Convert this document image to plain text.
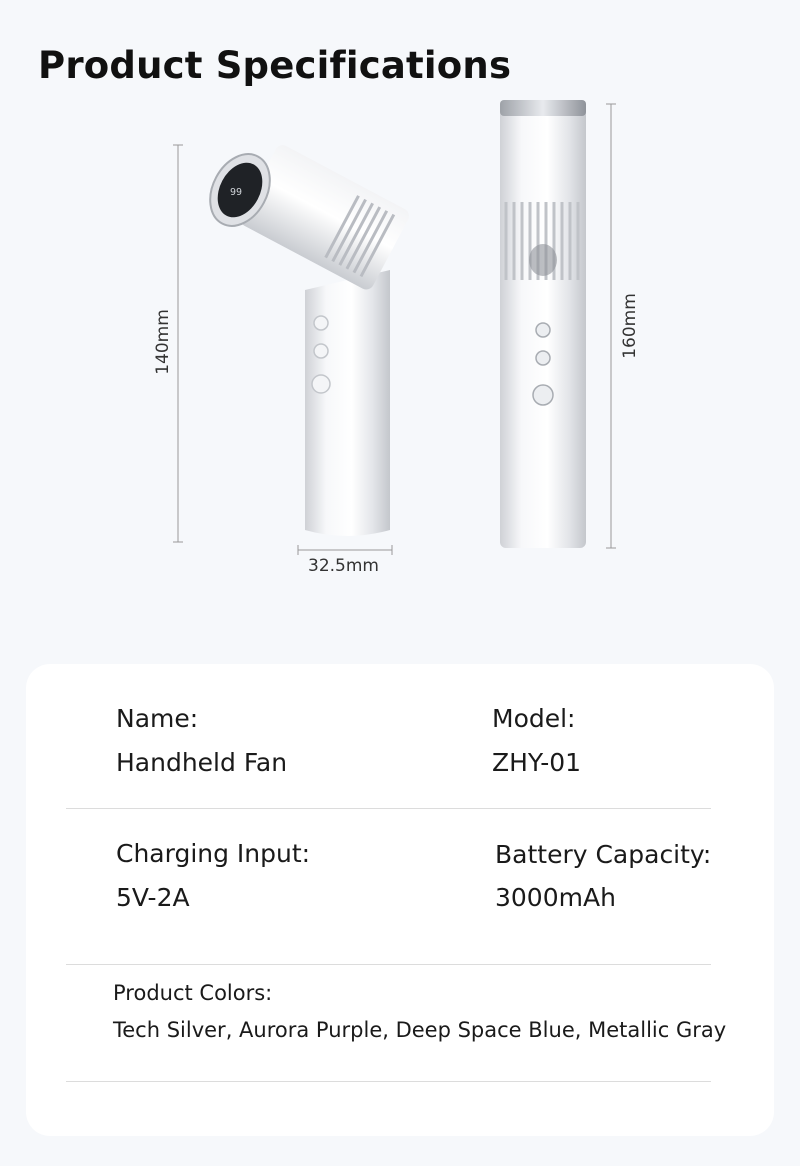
Product Specifications
99
140mm
32.5mm
160mm
Name:
Handheld Fan
Model:
ZHY-01
Charging Input:
5V-2A
Battery Capacity:
3000mAh
Product Colors:
Tech Silver, Aurora Purple, Deep Space Blue, Metallic Gray
